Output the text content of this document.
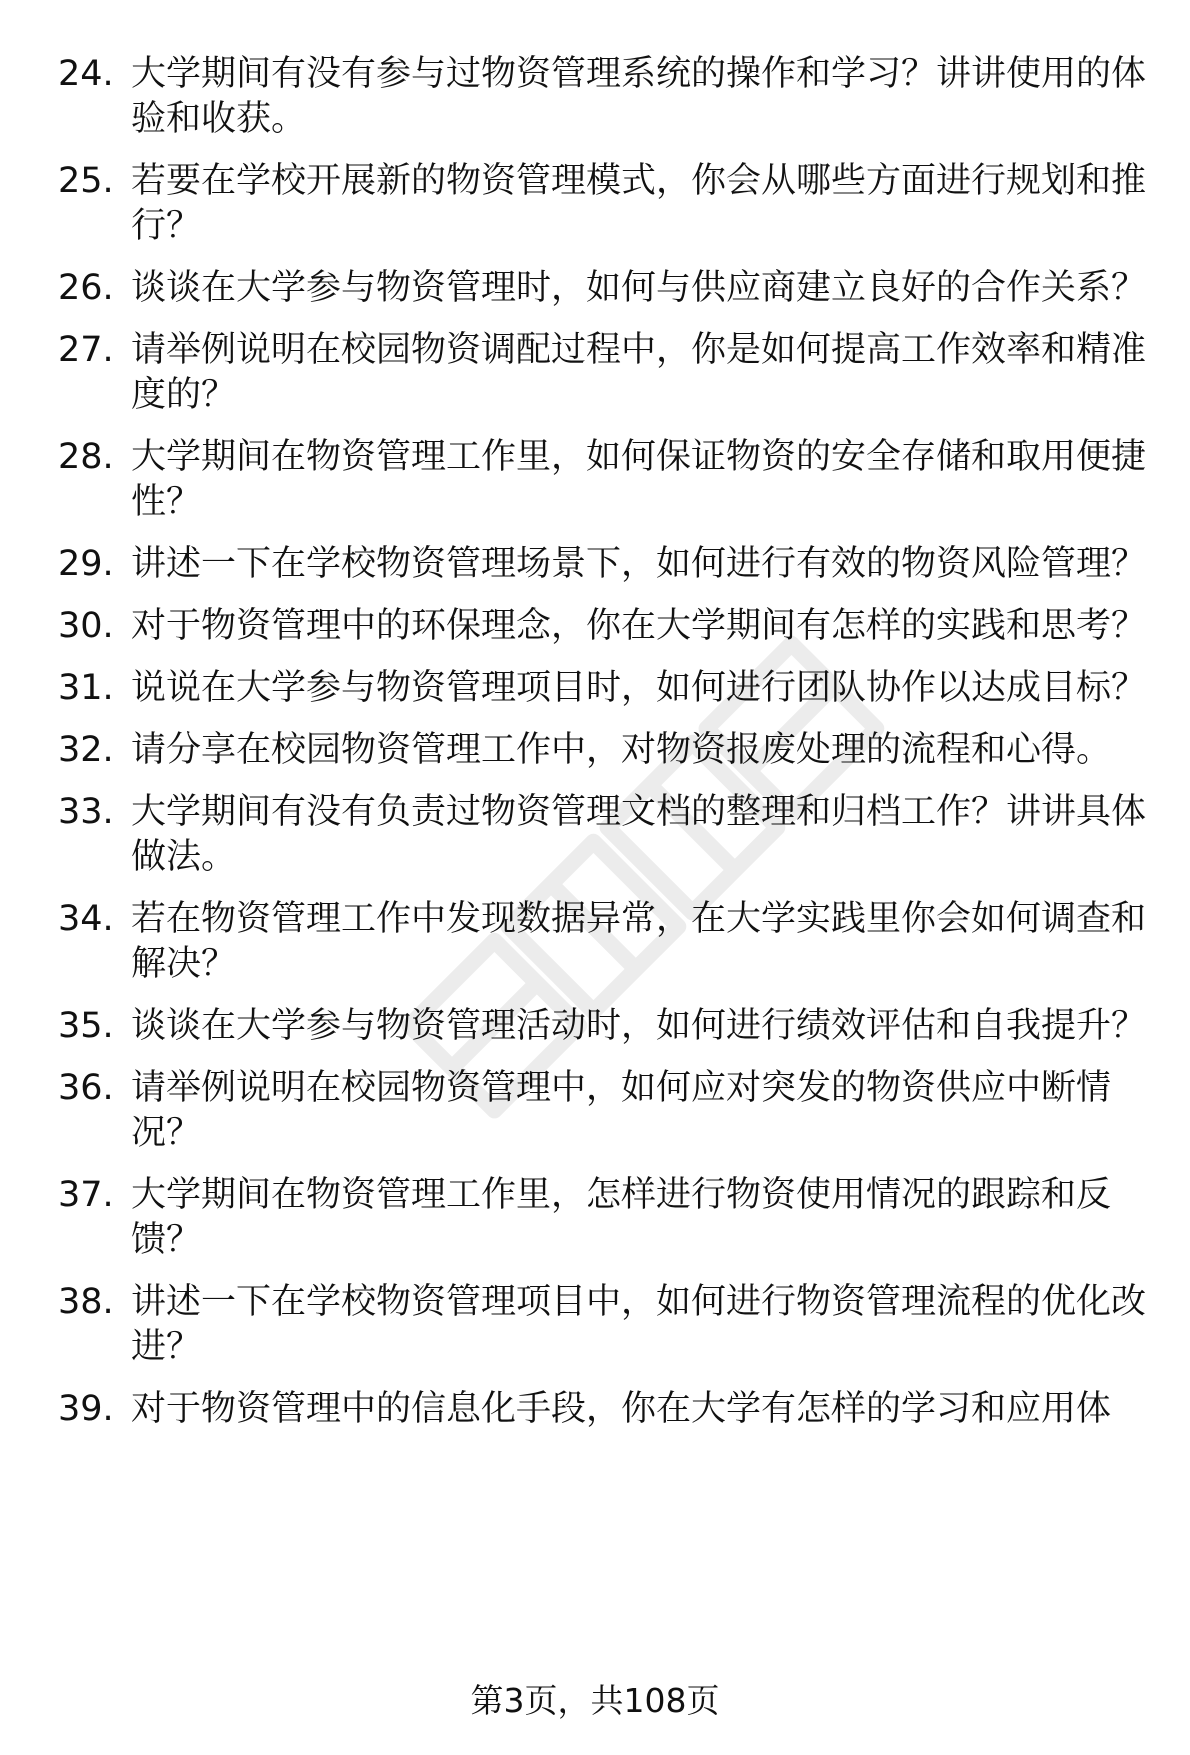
24. 大学期间有没有参与过物资管理系统的操作和学习？讲讲使用的体验和收获。
25. 若要在学校开展新的物资管理模式，你会从哪些方面进行规划和推行？
26. 谈谈在大学参与物资管理时，如何与供应商建立良好的合作关系？
27. 请举例说明在校园物资调配过程中，你是如何提高工作效率和精准度的？
28. 大学期间在物资管理工作里，如何保证物资的安全存储和取用便捷性？
29. 讲述一下在学校物资管理场景下，如何进行有效的物资风险管理？
30. 对于物资管理中的环保理念，你在大学期间有怎样的实践和思考？
31. 说说在大学参与物资管理项目时，如何进行团队协作以达成目标？
32. 请分享在校园物资管理工作中，对物资报废处理的流程和心得。
33. 大学期间有没有负责过物资管理文档的整理和归档工作？讲讲具体做法。
34. 若在物资管理工作中发现数据异常，在大学实践里你会如何调查和解决？
35. 谈谈在大学参与物资管理活动时，如何进行绩效评估和自我提升？
36. 请举例说明在校园物资管理中，如何应对突发的物资供应中断情况？
37. 大学期间在物资管理工作里，怎样进行物资使用情况的跟踪和反馈？
38. 讲述一下在学校物资管理项目中，如何进行物资管理流程的优化改进？
39. 对于物资管理中的信息化手段，你在大学有怎样的学习和应用体
第3页，共108页
